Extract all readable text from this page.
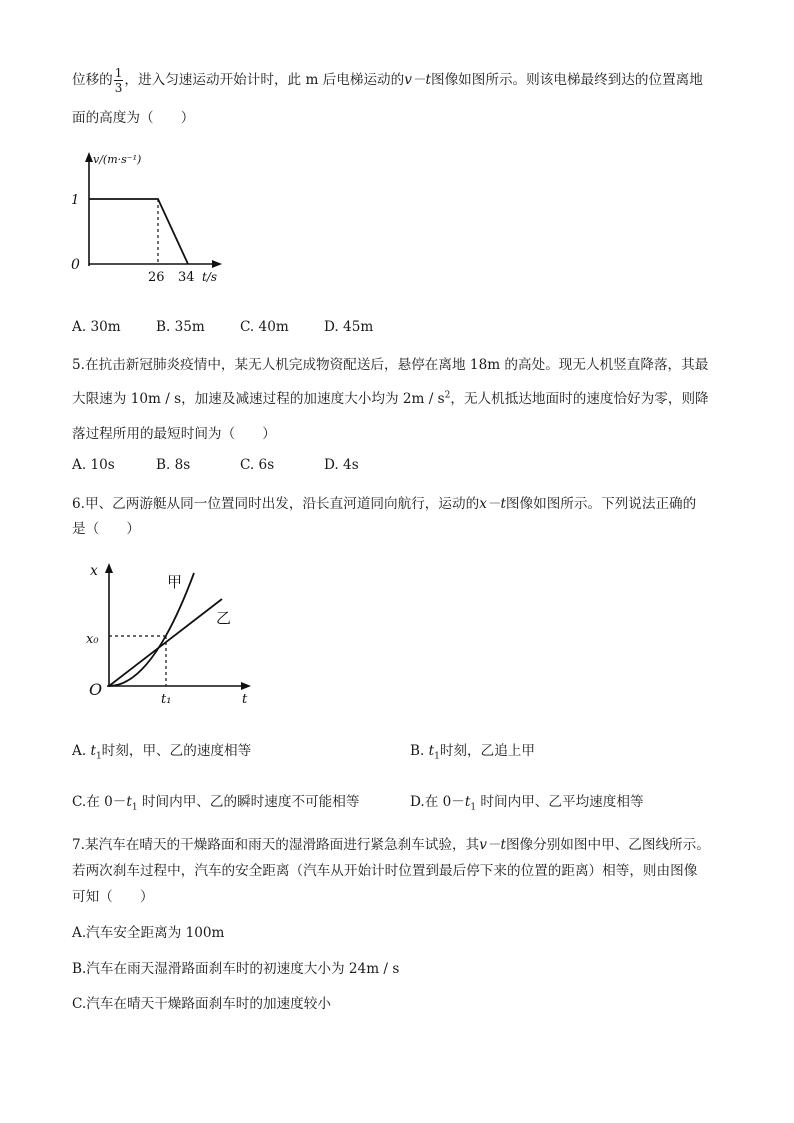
位移的 $\frac{1}{3}$ ，进入匀速运动开始计时，此 m 后电梯运动的v－t图像如图所示。则该电梯最终到达的位置离地
面的高度为（　　）
v/(m·s⁻¹)
1
0
26 34 t/s
A. 30m	B. 35m	C. 40m	D. 45m
5.在抗击新冠肺炎疫情中，某无人机完成物资配送后，悬停在离地 18m 的高处。现无人机竖直降落，其最
大限速为 10m / s，加速及减速过程的加速度大小均为 $2m / s^2$，无人机抵达地面时的速度恰好为零，则降
落过程所用的最短时间为（　　）
A. 10s	B. 8s	C. 6s	D. 4s
6.甲、乙两游艇从同一位置同时出发，沿长直河道同向航行，运动的x－t图像如图所示。下列说法正确的
是（　　）
x
x₀
O
t₁	t
甲
乙
A. $t_1$时刻，甲、乙的速度相等	B. $t_1$时刻，乙追上甲
C.在 $0-t_1$ 时间内甲、乙的瞬时速度不可能相等	D.在 $0-t_1$ 时间内甲、乙平均速度相等
7.某汽车在晴天的干燥路面和雨天的湿滑路面进行紧急刹车试验，其v－t图像分别如图中甲、乙图线所示。
若两次刹车过程中，汽车的安全距离（汽车从开始计时位置到最后停下来的位置的距离）相等，则由图像
可知（　　）
A.汽车安全距离为 100m
B.汽车在雨天湿滑路面刹车时的初速度大小为 24m / s
C.汽车在晴天干燥路面刹车时的加速度较小
